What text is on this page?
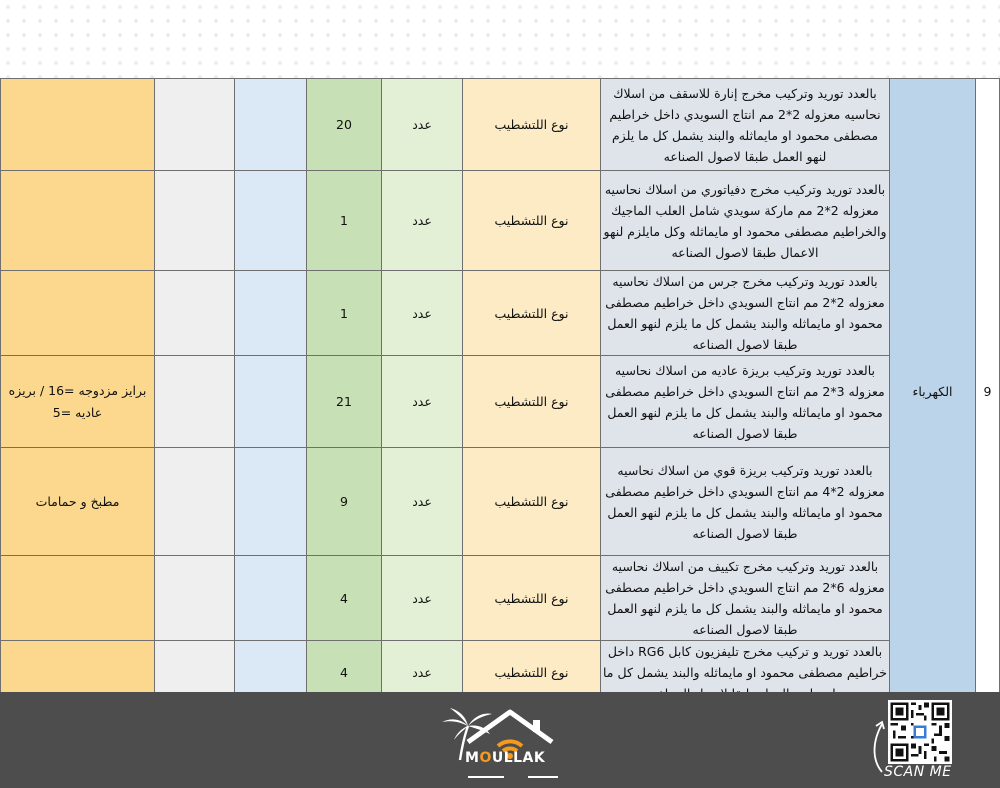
			20	عدد	نوع اللتشطيب	بالعدد توريد وتركيب مخرج إنارة للاسقف من اسلاك نحاسيه معزوله 2*2 مم انتاج السويدي داخل خراطيم مصطفى محمود او مايماثله والبند يشمل كل ما يلزم لنهو العمل طبقا لاصول الصناعه	الكهرباء	9
			1	عدد	نوع اللتشطيب	بالعدد توريد وتركيب مخرج دفياتوري من اسلاك نحاسيه معزوله 2*2 مم ماركة سويدي شامل العلب الماجيك والخراطيم مصطفى محمود او مايماثله وكل مايلزم لنهو الاعمال طبقا لاصول الصناعه		
			1	عدد	نوع اللتشطيب	بالعدد توريد وتركيب مخرج جرس من اسلاك نحاسيه معزوله 2*2 مم انتاج السويدي داخل خراطيم مصطفى محمود او مايماثله والبند يشمل كل ما يلزم لنهو العمل طبقا لاصول الصناعه		
برايز مزدوجه =16 / بريزه عاديه =5			21	عدد	نوع اللتشطيب	بالعدد توريد وتركيب بريزة عاديه من اسلاك نحاسيه معزوله 3*2 مم انتاج السويدي داخل خراطيم مصطفى محمود او مايماثله والبند يشمل كل ما يلزم لنهو العمل طبقا لاصول الصناعه		
مطبخ و حمامات			9	عدد	نوع اللتشطيب	بالعدد توريد وتركيب بريزة قوي من اسلاك نحاسيه معزوله 2*4 مم انتاج السويدي داخل خراطيم مصطفى محمود او مايماثله والبند يشمل كل ما يلزم لنهو العمل طبقا لاصول الصناعه		
			4	عدد	نوع اللتشطيب	بالعدد توريد وتركيب مخرج تكييف من اسلاك نحاسيه معزوله 6*2 مم انتاج السويدي داخل خراطيم مصطفى محمود او مايماثله والبند يشمل كل ما يلزم لنهو العمل طبقا لاصول الصناعه		
			4	عدد	نوع اللتشطيب	بالعدد توريد و تركيب مخرج تليفزيون كابل RG6 داخل خراطيم مصطفى محمود او مايماثله والبند يشمل كل ما		
MOULLAK
SCAN ME
